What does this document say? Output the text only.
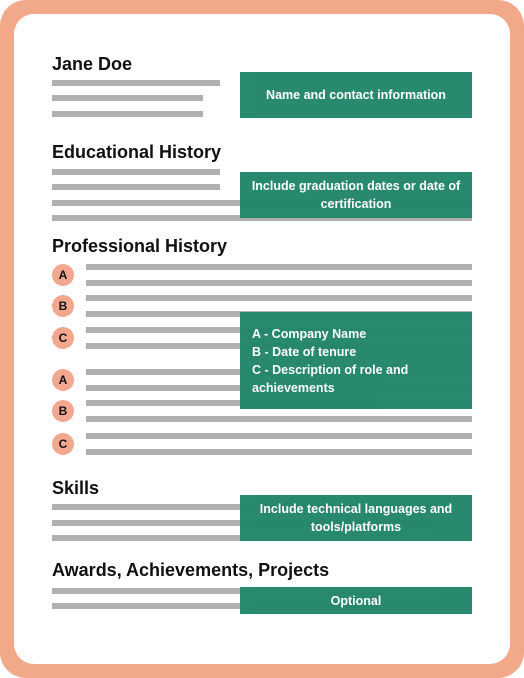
Jane Doe
Name and contact information
Educational History
Include graduation dates or date of certification
Professional History
A
B
C
A
B
C
A - Company Name
B - Date of tenure
C - Description of role and achievements
Skills
Include technical languages and tools/platforms
Awards, Achievements, Projects
Optional
